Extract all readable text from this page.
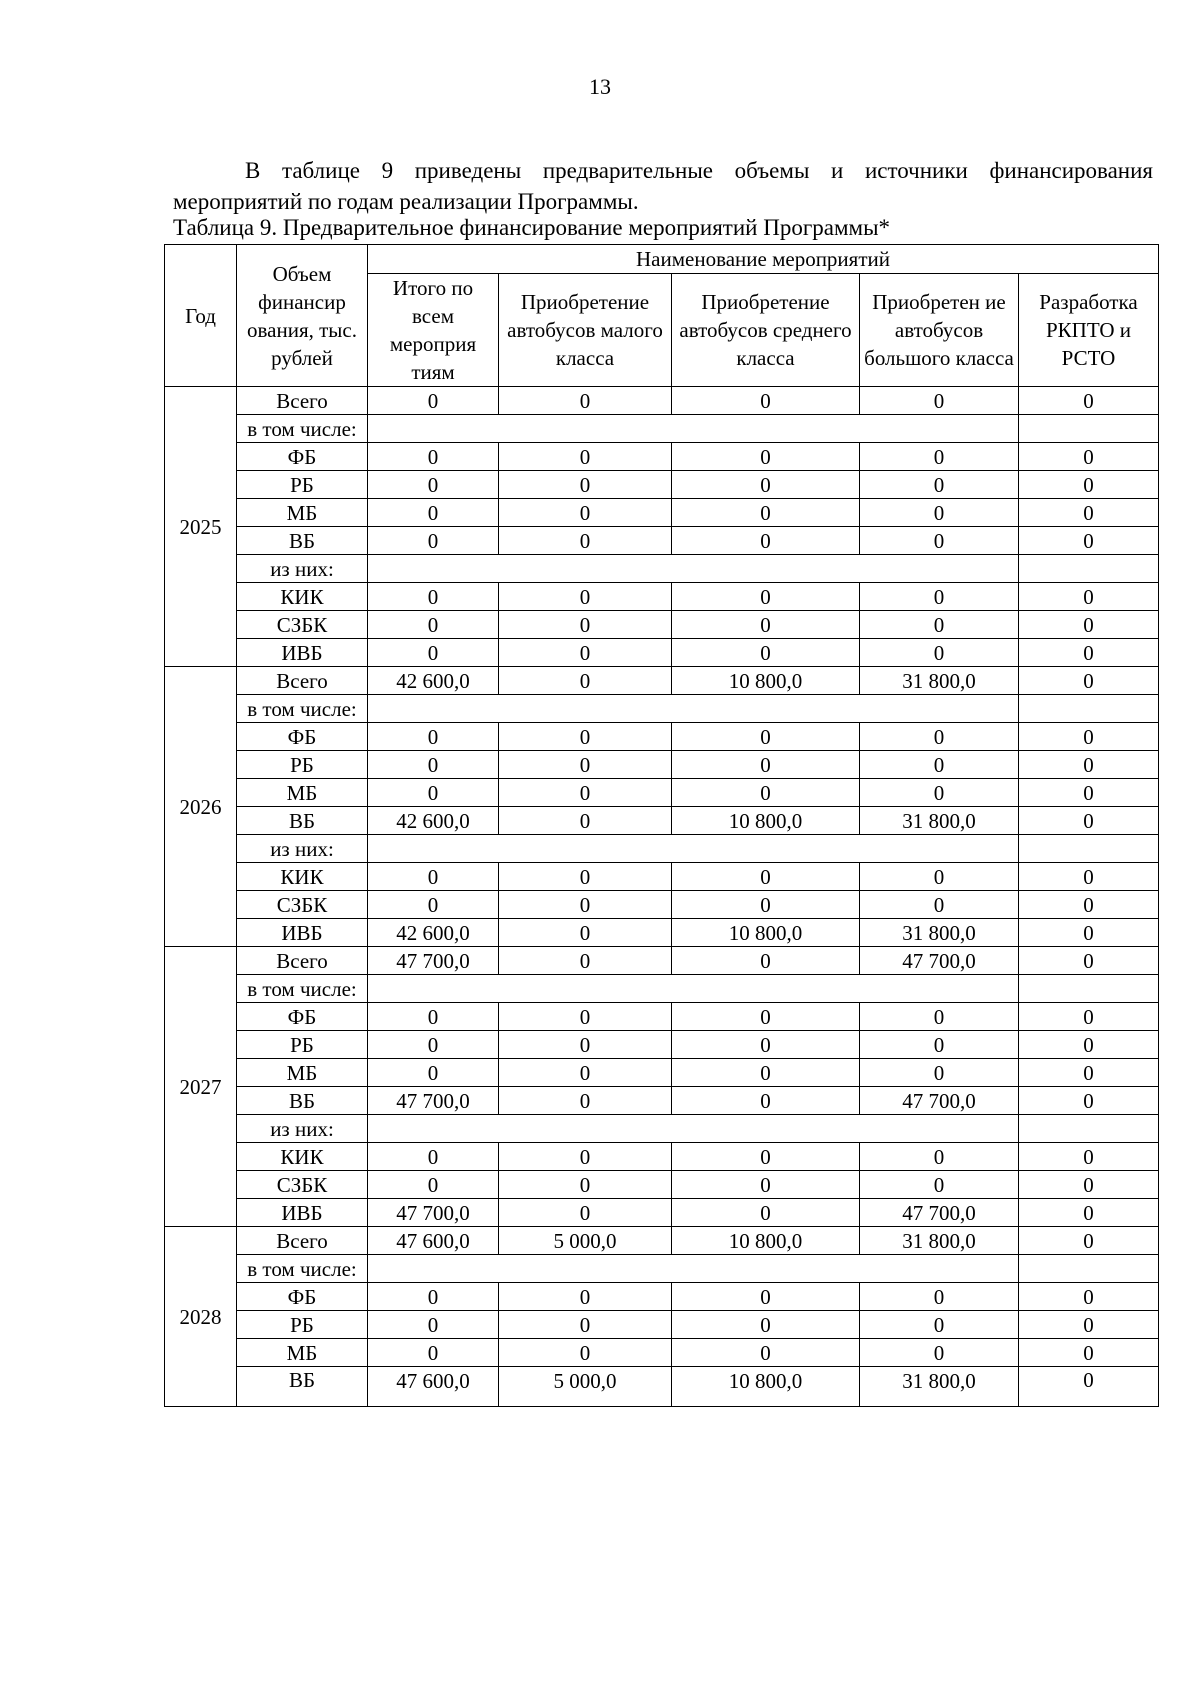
13

В таблице 9 приведены предварительные объемы и источники финансирования мероприятий по годам реализации Программы.

Таблица 9. Предварительное финансирование мероприятий Программы*
Год	Объем финансир ования, тыс. рублей	Наименование мероприятий				
		Итого по всем мероприя тиям	Приобретение автобусов малого класса	Приобретение автобусов среднего класса	Приобретен ие автобусов большого класса	Разработка РКПТО и РСТО
2025	Всего	0	0	0	0	0
	в том числе:					
	ФБ	0	0	0	0	0
	РБ	0	0	0	0	0
	МБ	0	0	0	0	0
	ВБ	0	0	0	0	0
	из них:					
	КИК	0	0	0	0	0
	СЗБК	0	0	0	0	0
	ИВБ	0	0	0	0	0
2026	Всего	42 600,0	0	10 800,0	31 800,0	0
	в том числе:					
	ФБ	0	0	0	0	0
	РБ	0	0	0	0	0
	МБ	0	0	0	0	0
	ВБ	42 600,0	0	10 800,0	31 800,0	0
	из них:					
	КИК	0	0	0	0	0
	СЗБК	0	0	0	0	0
	ИВБ	42 600,0	0	10 800,0	31 800,0	0
2027	Всего	47 700,0	0	0	47 700,0	0
	в том числе:					
	ФБ	0	0	0	0	0
	РБ	0	0	0	0	0
	МБ	0	0	0	0	0
	ВБ	47 700,0	0	0	47 700,0	0
	из них:					
	КИК	0	0	0	0	0
	СЗБК	0	0	0	0	0
	ИВБ	47 700,0	0	0	47 700,0	0
2028	Всего	47 600,0	5 000,0	10 800,0	31 800,0	0
	в том числе:					
	ФБ	0	0	0	0	0
	РБ	0	0	0	0	0
	МБ	0	0	0	0	0
	ВБ	47 600,0	5 000,0	10 800,0	31 800,0	0
